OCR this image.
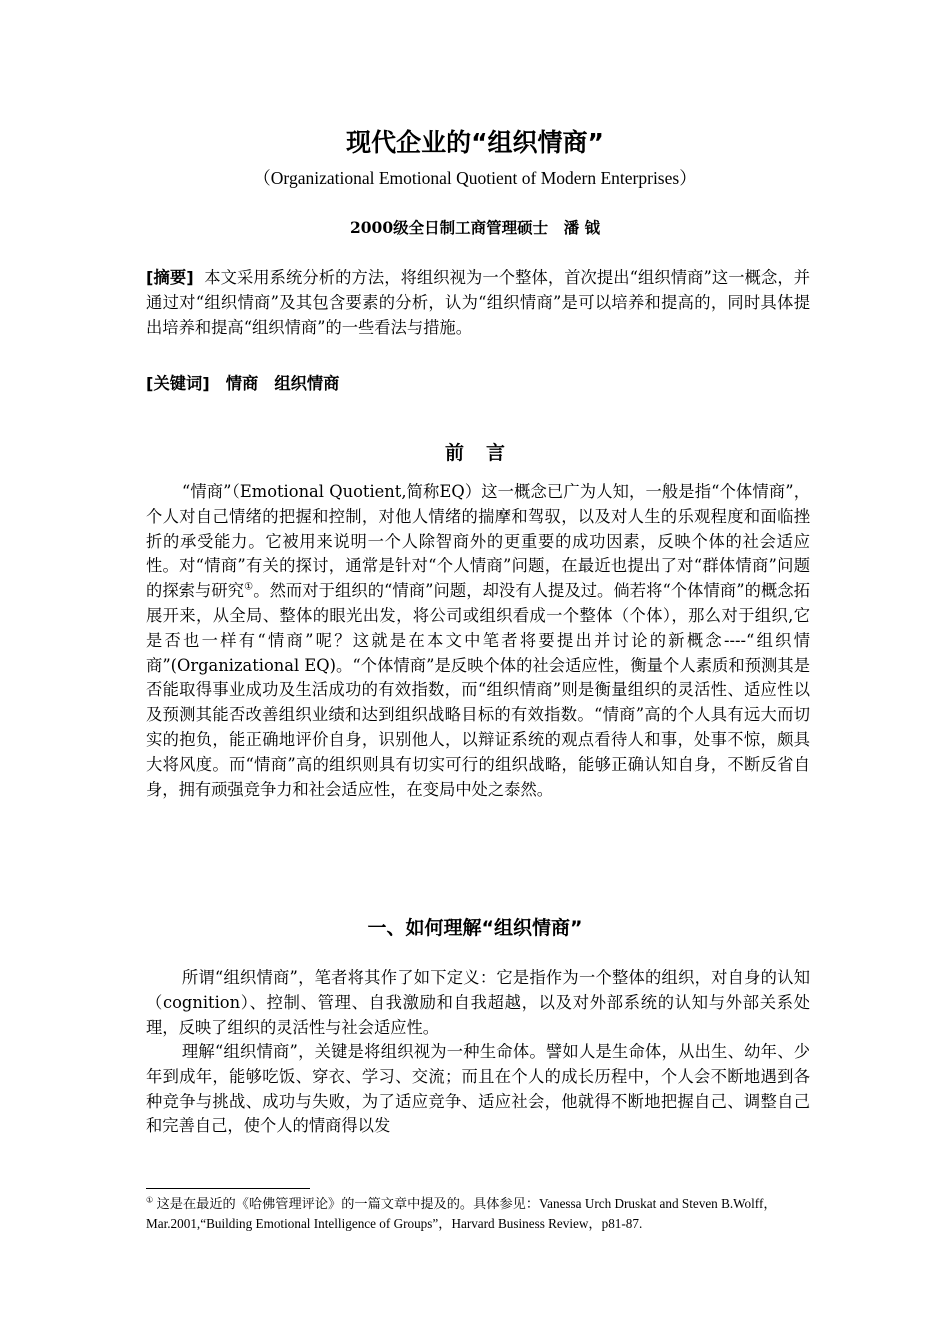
现代企业的“组织情商”

（Organizational Emotional Quotient of Modern Enterprises）

2000级全日制工商管理硕士　潘 钺

[摘要] 本文采用系统分析的方法，将组织视为一个整体，首次提出“组织情商”这一概念，并通过对“组织情商”及其包含要素的分析，认为“组织情商”是可以培养和提高的，同时具体提出培养和提高“组织情商”的一些看法与措施。

[关键词] 情商 组织情商

前言

“情商”（Emotional Quotient,简称EQ）这一概念已广为人知，一般是指“个体情商”，个人对自己情绪的把握和控制，对他人情绪的揣摩和驾驭，以及对人生的乐观程度和面临挫折的承受能力。它被用来说明一个人除智商外的更重要的成功因素，反映个体的社会适应性。对“情商”有关的探讨，通常是针对“个人情商”问题，在最近也提出了对“群体情商”问题的探索与研究①。然而对于组织的“情商”问题，却没有人提及过。倘若将“个体情商”的概念拓展开来，从全局、整体的眼光出发，将公司或组织看成一个整体（个体），那么对于组织,它是否也一样有“情商”呢？这就是在本文中笔者将要提出并讨论的新概念----“组织情商”(Organizational EQ)。“个体情商”是反映个体的社会适应性，衡量个人素质和预测其是否能取得事业成功及生活成功的有效指数，而“组织情商”则是衡量组织的灵活性、适应性以及预测其能否改善组织业绩和达到组织战略目标的有效指数。“情商”高的个人具有远大而切实的抱负，能正确地评价自身，识别他人，以辩证系统的观点看待人和事，处事不惊，颇具大将风度。而“情商”高的组织则具有切实可行的组织战略，能够正确认知自身，不断反省自身，拥有顽强竞争力和社会适应性，在变局中处之泰然。

一、如何理解“组织情商”

所谓“组织情商”，笔者将其作了如下定义：它是指作为一个整体的组织，对自身的认知（cognition）、控制、管理、自我激励和自我超越，以及对外部系统的认知与外部关系处理，反映了组织的灵活性与社会适应性。

理解“组织情商”，关键是将组织视为一种生命体。譬如人是生命体，从出生、幼年、少年到成年，能够吃饭、穿衣、学习、交流；而且在个人的成长历程中，个人会不断地遇到各种竞争与挑战、成功与失败，为了适应竞争、适应社会，他就得不断地把握自己、调整自己和完善自己，使个人的情商得以发

① 这是在最近的《哈佛管理评论》的一篇文章中提及的。具体参见：Vanessa Urch Druskat and Steven B.Wolff， Mar.2001,“Building Emotional Intelligence of Groups”，Harvard Business Review，p81-87.
